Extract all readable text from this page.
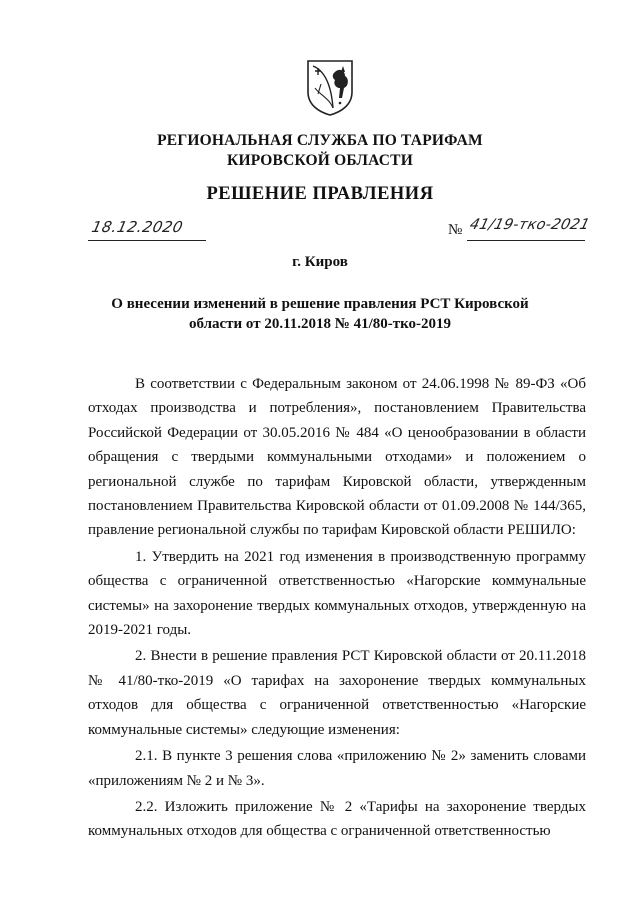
РЕГИОНАЛЬНАЯ СЛУЖБА ПО ТАРИФАМ
КИРОВСКОЙ ОБЛАСТИ
РЕШЕНИЕ ПРАВЛЕНИЯ
18.12.2020	№ 41/19-тко-2021
г. Киров
О внесении изменений в решение правления РСТ Кировской
области от 20.11.2018 № 41/80-тко-2019

В соответствии с Федеральным законом от 24.06.1998 № 89-ФЗ «Об отходах производства и потребления», постановлением Правительства Российской Федерации от 30.05.2016 № 484 «О ценообразовании в области обращения с твердыми коммунальными отходами» и положением о региональной службе по тарифам Кировской области, утвержденным постановлением Правительства Кировской области от 01.09.2008 № 144/365, правление региональной службы по тарифам Кировской области РЕШИЛО:

1. Утвердить на 2021 год изменения в производственную программу общества с ограниченной ответственностью «Нагорские коммунальные системы» на захоронение твердых коммунальных отходов, утвержденную на 2019-2021 годы.

2. Внести в решение правления РСТ Кировской области от 20.11.2018 № 41/80-тко-2019 «О тарифах на захоронение твердых коммунальных отходов для общества с ограниченной ответственностью «Нагорские коммунальные системы» следующие изменения:

2.1. В пункте 3 решения слова «приложению № 2» заменить словами «приложениям № 2 и № 3».

2.2. Изложить приложение № 2 «Тарифы на захоронение твердых коммунальных отходов для общества с ограниченной ответственностью
